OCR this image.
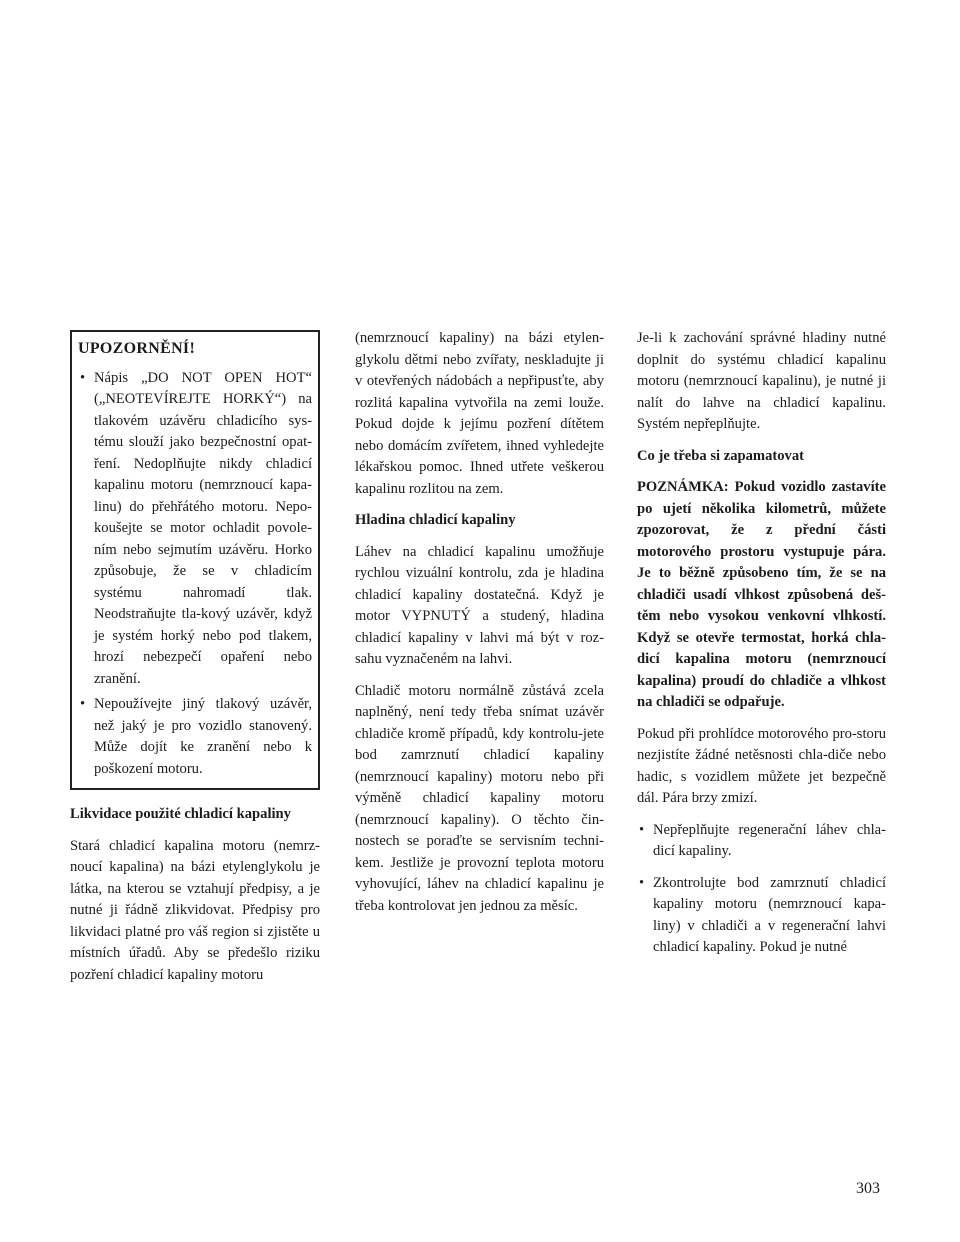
UPOZORNĚNÍ!
• Nápis „DO NOT OPEN HOT“ („NEOTEVÍREJTE HORKÝ“) na tlakovém uzávěru chladicího sys-tému slouží jako bezpečnostní opat-ření. Nedoplňujte nikdy chladicí kapalinu motoru (nemrznoucí kapa-linu) do přehřátého motoru. Nepo-koušejte se motor ochladit povole-ním nebo sejmutím uzávěru. Horko způsobuje, že se v chladicím systému nahromadí tlak. Neodstraňujte tla-kový uzávěr, když je systém horký nebo pod tlakem, hrozí nebezpečí opaření nebo zranění.
• Nepoužívejte jiný tlakový uzávěr, než jaký je pro vozidlo stanovený. Může dojít ke zranění nebo k poškození motoru.
Likvidace použité chladicí kapaliny

Stará chladicí kapalina motoru (nemrz-noucí kapalina) na bázi etylenglykolu je látka, na kterou se vztahují předpisy, a je nutné ji řádně zlikvidovat. Předpisy pro likvidaci platné pro váš region si zjistěte u místních úřadů. Aby se předešlo riziku pozření chladicí kapaliny motoru

(nemrznoucí kapaliny) na bázi etylen-glykolu dětmi nebo zvířaty, neskladujte ji v otevřených nádobách a nepřipusťte, aby rozlitá kapalina vytvořila na zemi louže. Pokud dojde k jejímu pozření dítětem nebo domácím zvířetem, ihned vyhledejte lékařskou pomoc. Ihned utřete veškerou kapalinu rozlitou na zem.

Hladina chladicí kapaliny

Láhev na chladicí kapalinu umožňuje rychlou vizuální kontrolu, zda je hladina chladicí kapaliny dostatečná. Když je motor VYPNUTÝ a studený, hladina chladicí kapaliny v lahvi má být v roz-sahu vyznačeném na lahvi.

Chladič motoru normálně zůstává zcela naplněný, není tedy třeba snímat uzávěr chladiče kromě případů, kdy kontrolu-jete bod zamrznutí chladicí kapaliny (nemrznoucí kapaliny) motoru nebo při výměně chladicí kapaliny motoru (nemrznoucí kapaliny). O těchto čin-nostech se poraďte se servisním techni-kem. Jestliže je provozní teplota motoru vyhovující, láhev na chladicí kapalinu je třeba kontrolovat jen jednou za měsíc.

Je-li k zachování správné hladiny nutné doplnit do systému chladicí kapalinu motoru (nemrznoucí kapalinu), je nutné ji nalít do lahve na chladicí kapalinu. Systém nepřeplňujte.

Co je třeba si zapamatovat

POZNÁMKA: Pokud vozidlo zastavíte po ujetí několika kilometrů, můžete zpozorovat, že z přední části motorového prostoru vystupuje pára. Je to běžně způsobeno tím, že se na chladiči usadí vlhkost způsobená deš-těm nebo vysokou venkovní vlhkostí. Když se otevře termostat, horká chla-dicí kapalina motoru (nemrznoucí kapalina) proudí do chladiče a vlhkost na chladiči se odpařuje.

Pokud při prohlídce motorového pro-storu nezjistíte žádné netěsnosti chla-diče nebo hadic, s vozidlem můžete jet bezpečně dál. Pára brzy zmizí.

• Nepřeplňujte regenerační láhev chla-dicí kapaliny.
• Zkontrolujte bod zamrznutí chladicí kapaliny motoru (nemrznoucí kapa-liny) v chladiči a v regenerační lahvi chladicí kapaliny. Pokud je nutné
303
